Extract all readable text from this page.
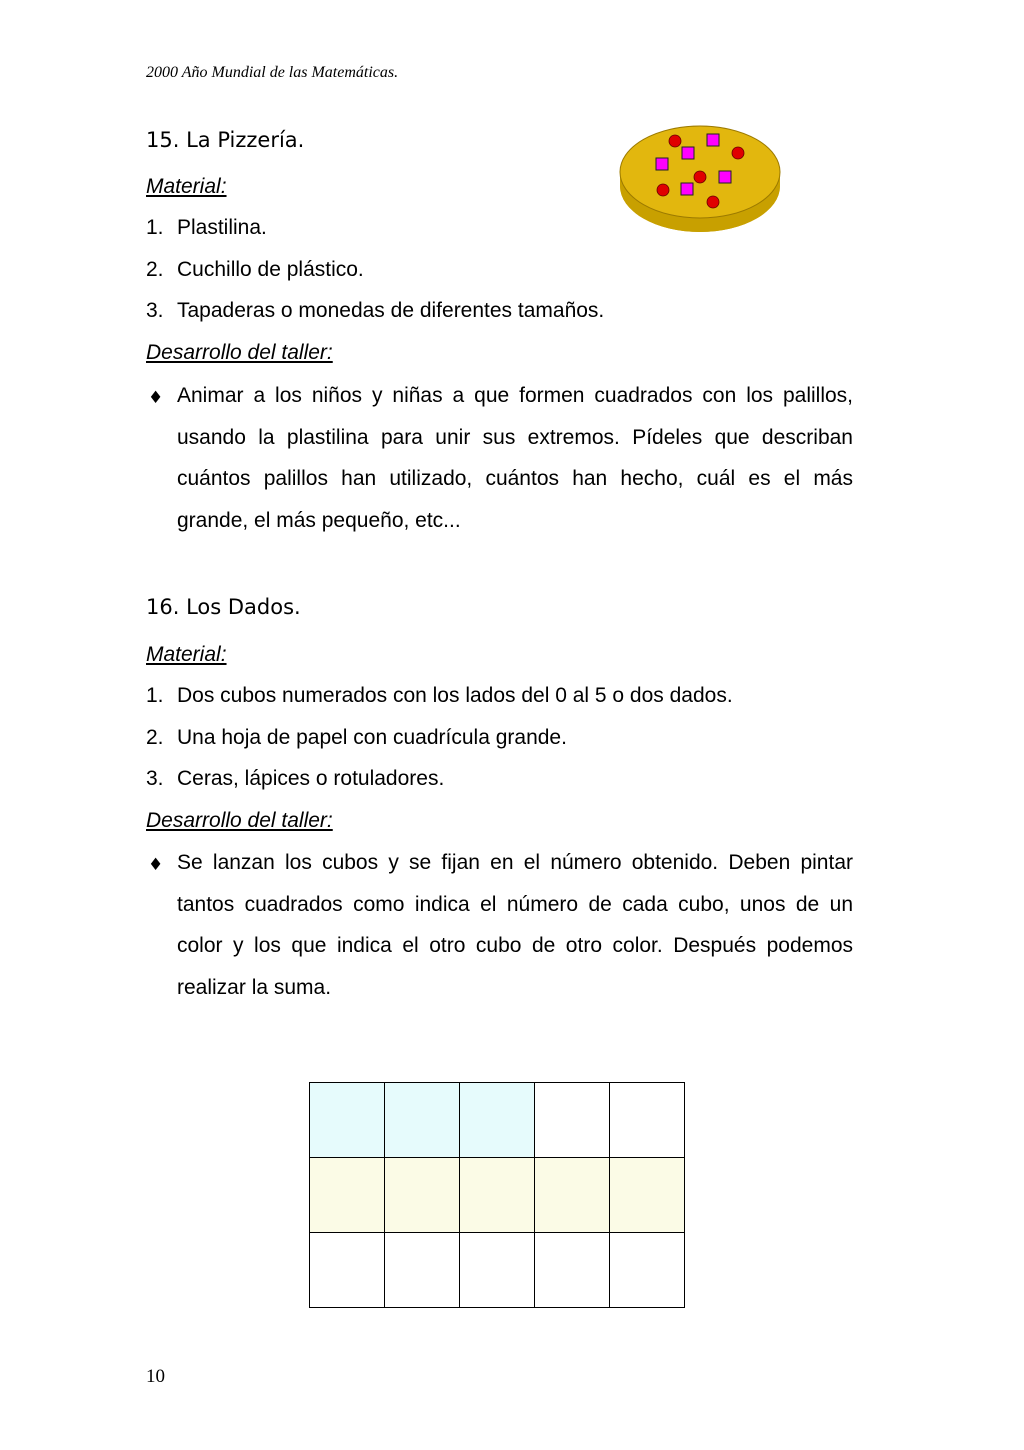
2000 Año Mundial de las Matemáticas.
15. La Pizzería.
Material:
1. Plastilina.
2. Cuchillo de plástico.
3. Tapaderas o monedas de diferentes tamaños.
Desarrollo del taller:
♦ Animar a los niños y niñas a que formen cuadrados con los palillos, usando la plastilina para unir sus extremos. Pídeles que describan cuántos palillos han utilizado, cuántos han hecho, cuál es el más grande, el más pequeño, etc...
16. Los Dados.
Material:
1. Dos cubos numerados con los lados del 0 al 5 o dos dados.
2. Una hoja de papel con cuadrícula grande.
3. Ceras, lápices o rotuladores.
Desarrollo del taller:
♦ Se lanzan los cubos y se fijan en el número obtenido. Deben pintar tantos cuadrados como indica el número de cada cubo, unos de un color y los que indica el otro cubo de otro color. Después podemos realizar la suma.

10
